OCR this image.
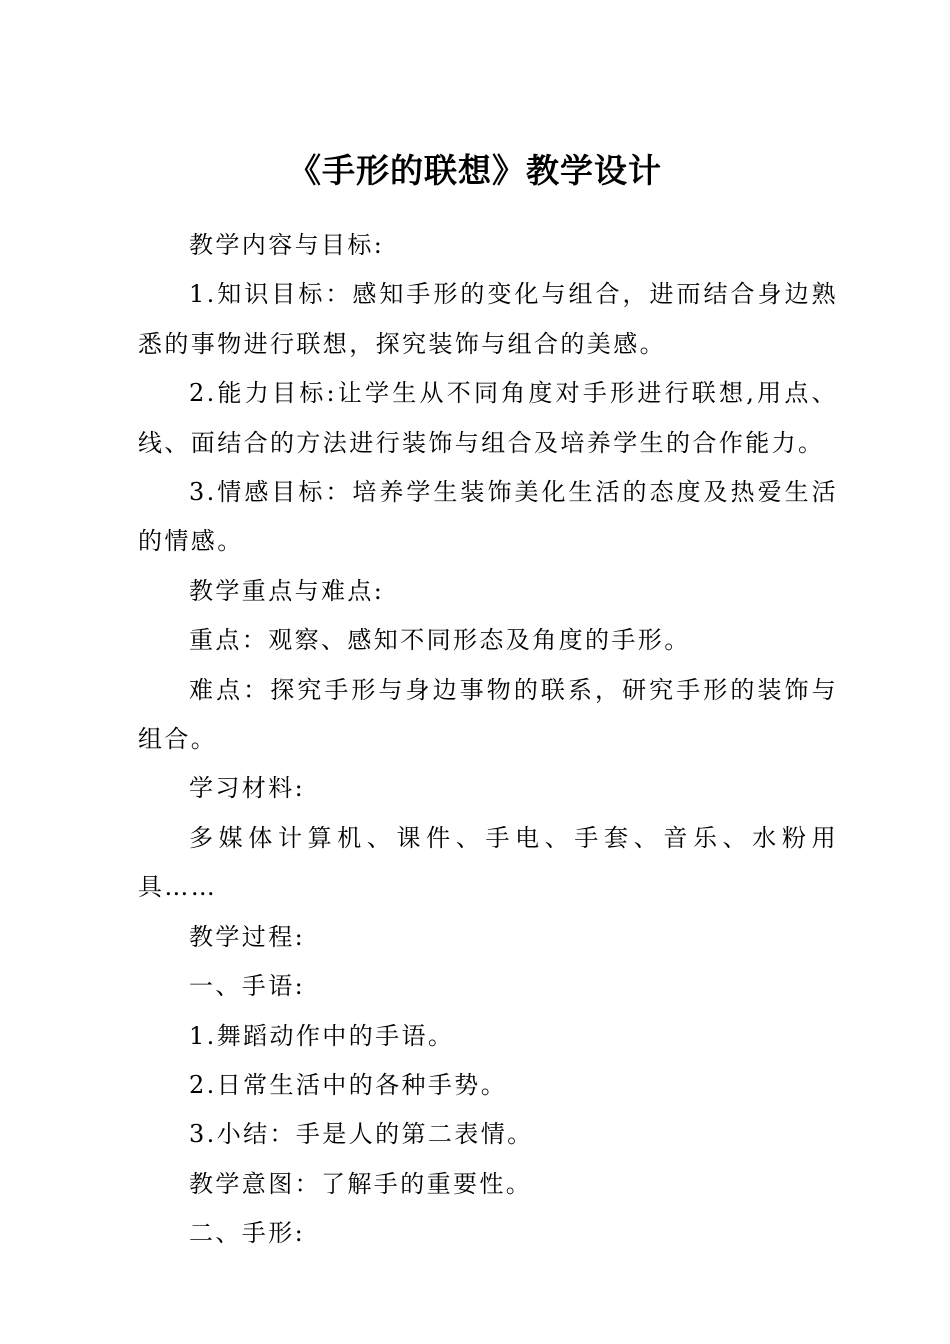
《手形的联想》教学设计

教学内容与目标:

1.知识目标：感知手形的变化与组合，进而结合身边熟悉的事物进行联想，探究装饰与组合的美感。

2.能力目标:让学生从不同角度对手形进行联想,用点、线、面结合的方法进行装饰与组合及培养学生的合作能力。

3.情感目标：培养学生装饰美化生活的态度及热爱生活的情感。

教学重点与难点:

重点：观察、感知不同形态及角度的手形。

难点：探究手形与身边事物的联系，研究手形的装饰与组合。

学习材料:

多媒体计算机、课件、手电、手套、音乐、水粉用具……

教学过程:

一、手语:

1.舞蹈动作中的手语。

2.日常生活中的各种手势。

3.小结：手是人的第二表情。

教学意图：了解手的重要性。

二、手形:
